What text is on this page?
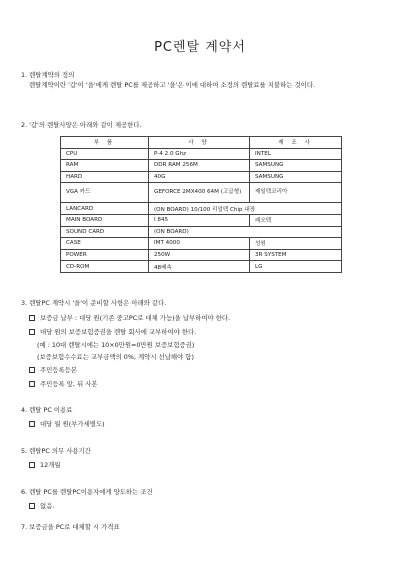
PC렌탈 계약서
1. 렌탈계약의 정의
렌탈계약이란 '갑'이 '을'에게 렌탈 PC를 제공하고 '을'은 이에 대하여 소정의 렌탈료를 지불하는 것이다.
2. '갑'의 렌탈사양은 아래와 같이 제공한다.
부 품	사 양	제 조 사
CPU	P-4 2.0 Ghz	INTEL
RAM	DDR RAM 256M	SAMSUNG
HARD	40G	SAMSUNG
VGA 카드	GEFORCE 2MX400 64M (고급형)	제일텍코리아
LANCARD	(ON BOARD) 10/100 리얼텍 Chip 내장	
MAIN BOARD	I 845	레오텍
SOUND CARD	(ON BOARD)	
CASE	IMT 4000	성원
POWER	250W	3R SYSTEM
CD-ROM	48배속	LG
3. 렌탈PC 계약시 '을'이 준비할 사항은 아래와 같다.
보증금 납부 : 대당 원(기존 중고PC로 대체 가능)을 납부하여야 한다.
대당 원의 보증보험증권을 렌탈 회사에 교부하여야 한다.
(예 : 10대 렌탈시에는 10×0만원=0만원 보증보험증권)
(보증보험수수료는 교부금액의 0%, 계약시 선납해야 함)
주민등록등본
주민등록 앞, 뒤 사본
4. 렌탈 PC 이용료
대당 월 원(부가세별도)
5. 렌탈PC 의무 사용기간
12개월
6. 렌탈 PC를 렌탈PC이용자에게 양도하는 조건
없음.
7. 보증금을 PC로 대체할 시 가격표
